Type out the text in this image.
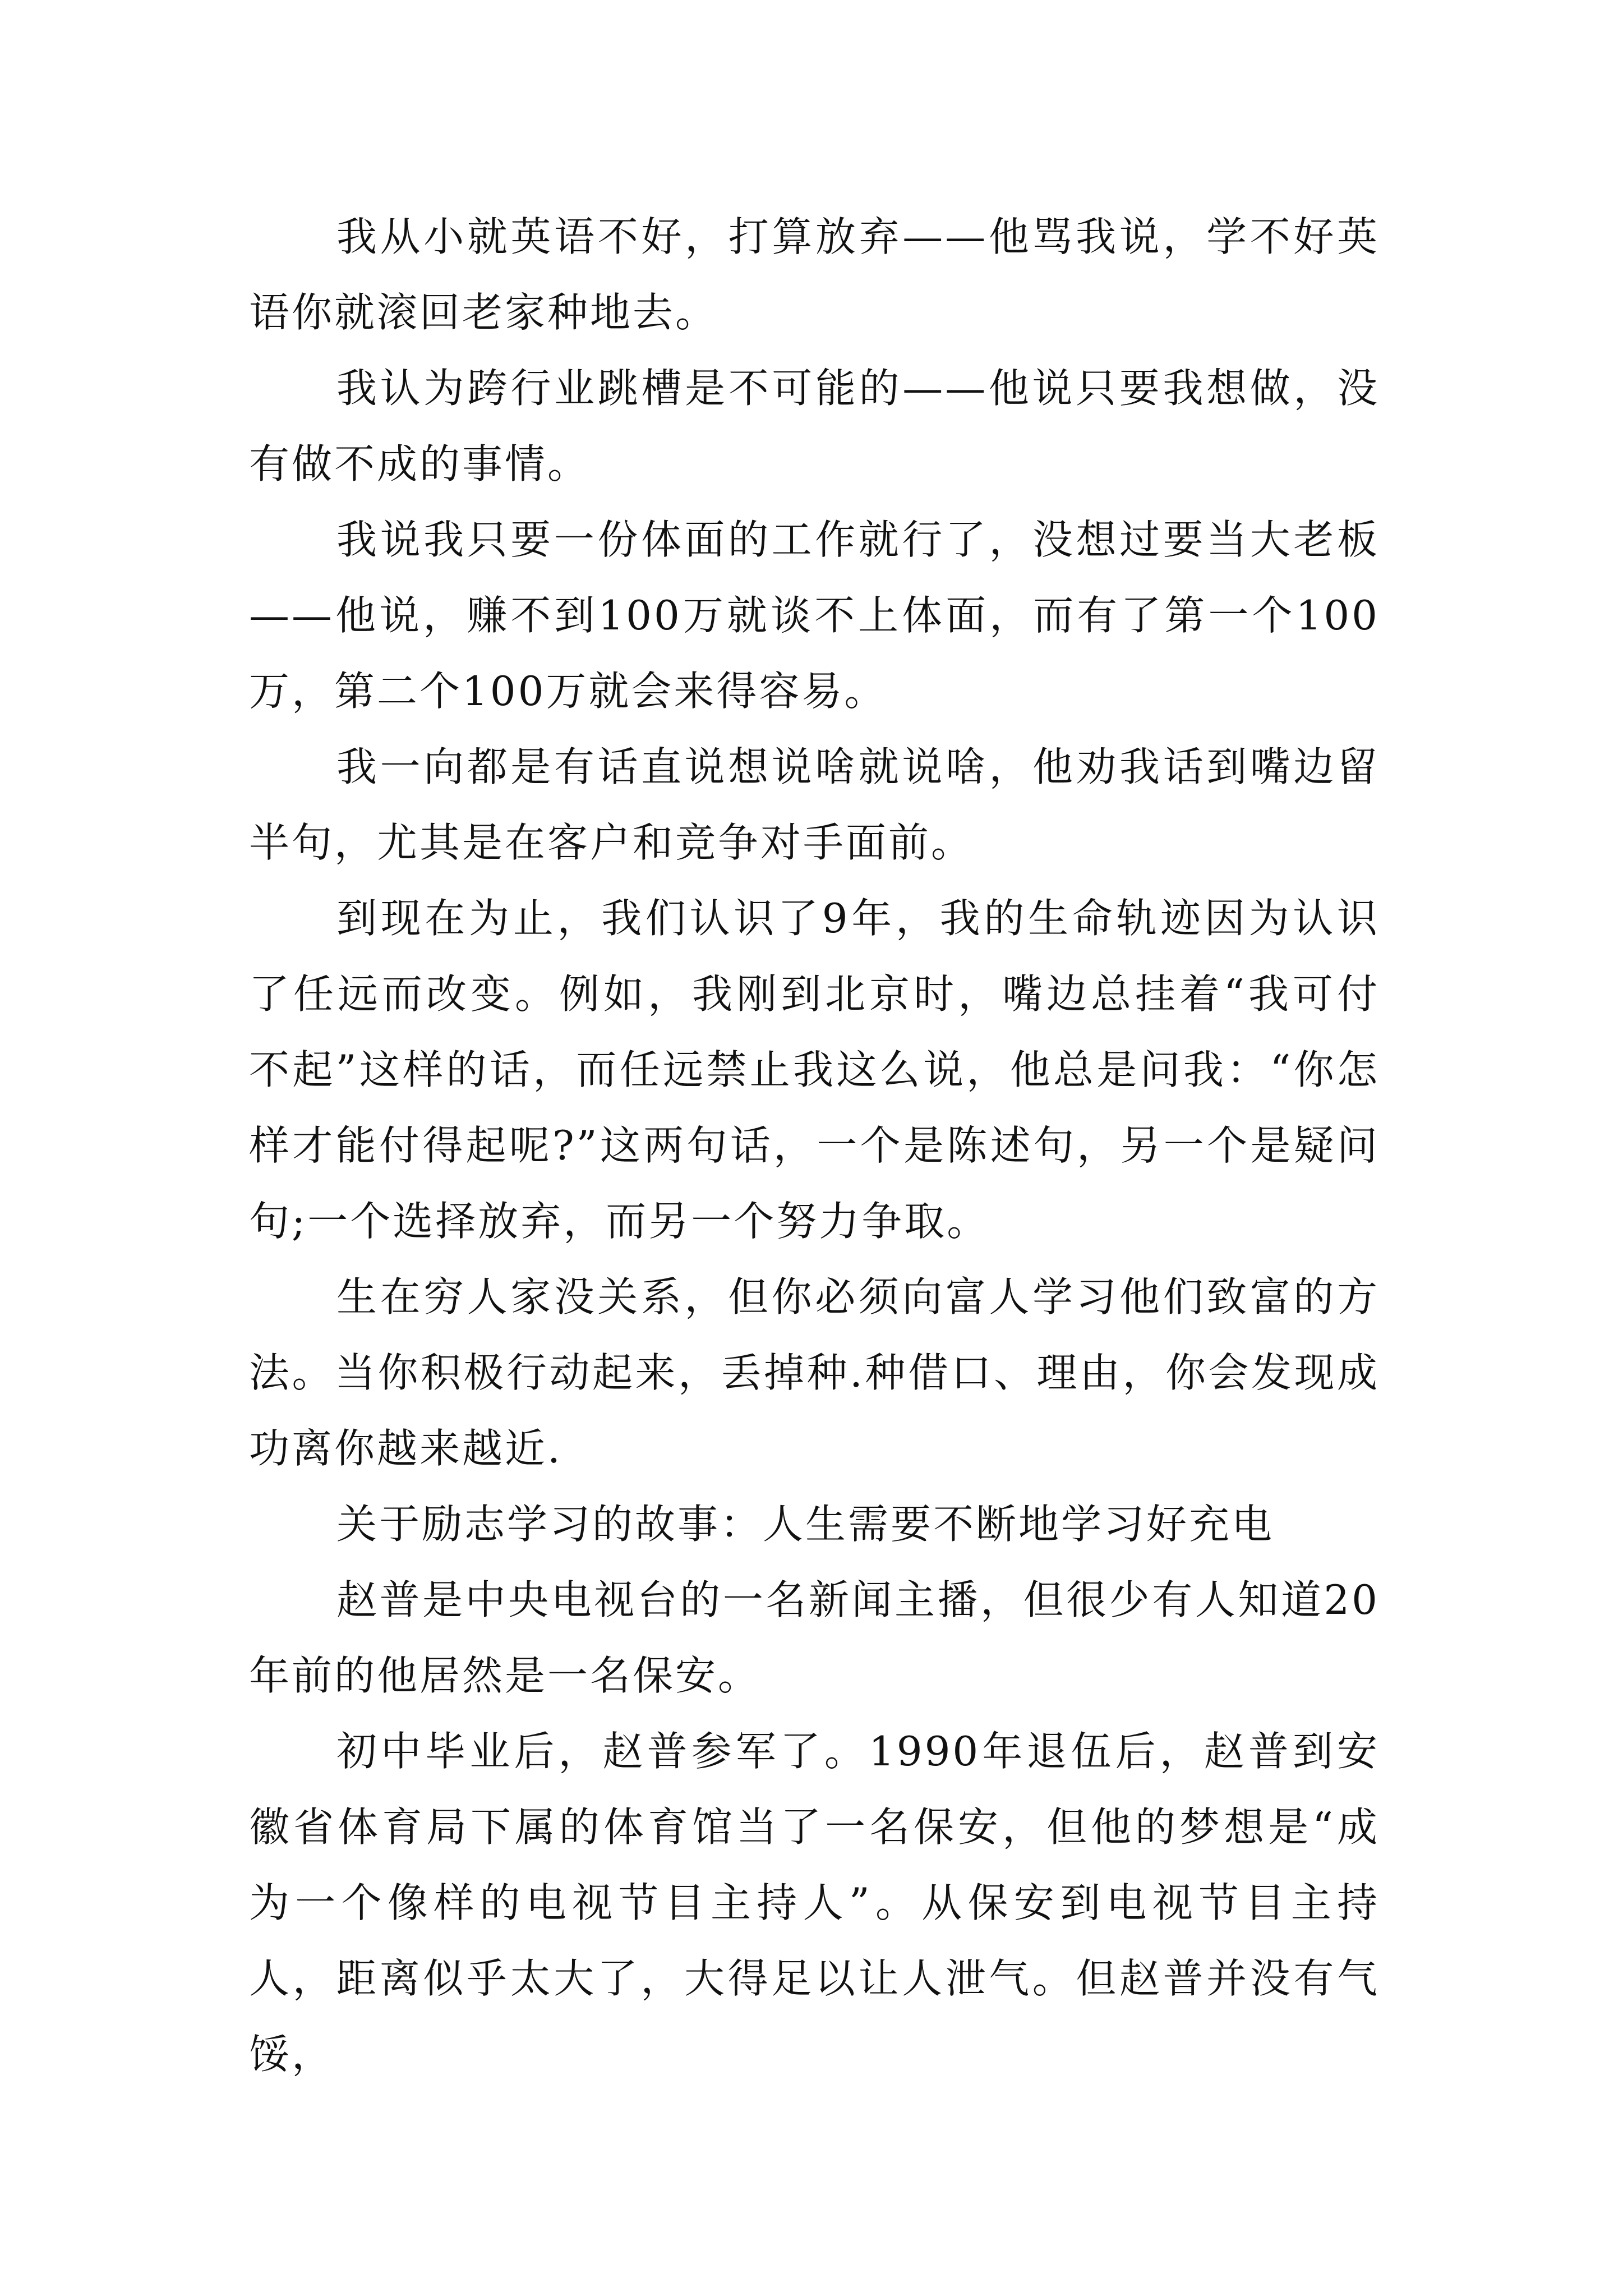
我从小就英语不好，打算放弃——他骂我说，学不好英语你就滚回老家种地去。

我认为跨行业跳槽是不可能的——他说只要我想做，没有做不成的事情。

我说我只要一份体面的工作就行了，没想过要当大老板——他说，赚不到100万就谈不上体面，而有了第一个100万，第二个100万就会来得容易。

我一向都是有话直说想说啥就说啥，他劝我话到嘴边留半句，尤其是在客户和竞争对手面前。

到现在为止，我们认识了9年，我的生命轨迹因为认识了任远而改变。例如，我刚到北京时，嘴边总挂着“我可付不起”这样的话，而任远禁止我这么说，他总是问我：“你怎样才能付得起呢?”这两句话，一个是陈述句，另一个是疑问句;一个选择放弃，而另一个努力争取。

生在穷人家没关系，但你必须向富人学习他们致富的方法。当你积极行动起来，丢掉种.种借口、理由，你会发现成功离你越来越近.

关于励志学习的故事：人生需要不断地学习好充电

赵普是中央电视台的一名新闻主播，但很少有人知道20年前的他居然是一名保安。

初中毕业后，赵普参军了。1990年退伍后，赵普到安徽省体育局下属的体育馆当了一名保安，但他的梦想是“成为一个像样的电视节目主持人”。从保安到电视节目主持人，距离似乎太大了，大得足以让人泄气。但赵普并没有气馁，
